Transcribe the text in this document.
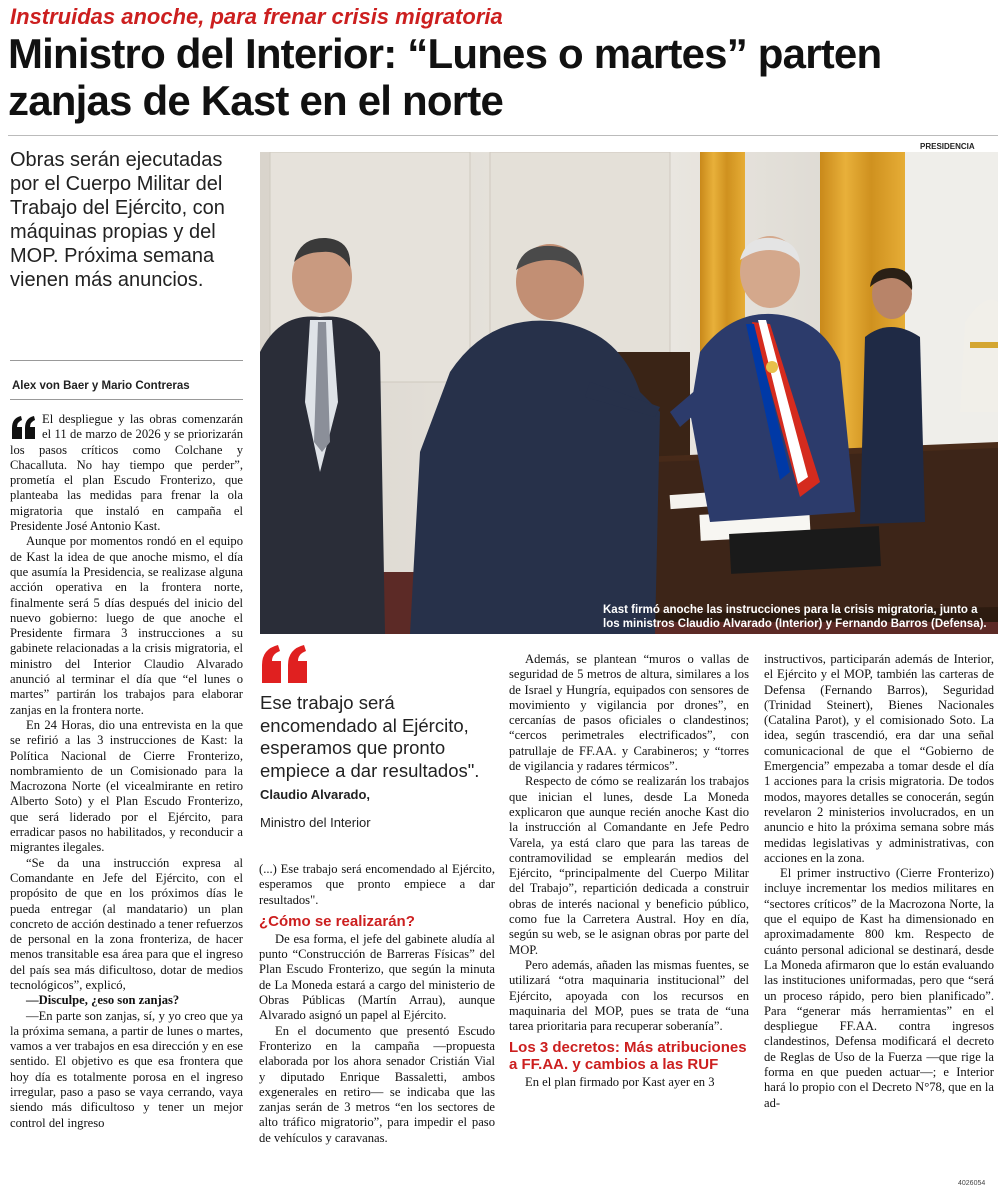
Instruidas anoche, para frenar crisis migratoria
Ministro del Interior: “Lunes o martes” parten zanjas de Kast en el norte
Obras serán ejecutadas por el Cuerpo Militar del Trabajo del Ejército, con máquinas propias y del MOP. Próxima semana vienen más anuncios.
Alex von Baer y Mario Contreras

El despliegue y las obras comenzarán el 11 de marzo de 2026 y se priorizarán los pasos críticos como Colchane y Chacalluta. No hay tiempo que perder”, prometía el plan Escudo Fronterizo, que planteaba las medidas para frenar la ola migratoria que instaló en campaña el Presidente José Antonio Kast.

Aunque por momentos rondó en el equipo de Kast la idea de que anoche mismo, el día que asumía la Presidencia, se realizase alguna acción operativa en la frontera norte, finalmente será 5 días después del inicio del nuevo gobierno: luego de que anoche el Presidente firmara 3 instrucciones a su gabinete relacionadas a la crisis migratoria, el ministro del Interior Claudio Alvarado anunció al terminar el día que “el lunes o martes” partirán los trabajos para elaborar zanjas en la frontera norte.

En 24 Horas, dio una entrevista en la que se refirió a las 3 instrucciones de Kast: la Política Nacional de Cierre Fronterizo, nombramiento de un Comisionado para la Macrozona Norte (el vicealmirante en retiro Alberto Soto) y el Plan Escudo Fronterizo, que será liderado por el Ejército, para erradicar pasos no habilitados, y reconducir a migrantes ilegales.

“Se da una instrucción expresa al Comandante en Jefe del Ejército, con el propósito de que en los próximos días le pueda entregar (al mandatario) un plan concreto de acción destinado a tener refuerzos de personal en la zona fronteriza, de hacer menos transitable esa área para que el ingreso del país sea más dificultoso, dotar de medios tecnológicos”, explicó,

—Disculpe, ¿eso son zanjas?

—En parte son zanjas, sí, y yo creo que ya la próxima semana, a partir de lunes o martes, vamos a ver trabajos en esa dirección y en ese sentido. El objetivo es que esa frontera que hoy día es totalmente porosa en el ingreso irregular, paso a paso se vaya cerrando, vaya siendo más dificultoso y tener un mejor control del ingreso

PRESIDENCIA
Kast firmó anoche las instrucciones para la crisis migratoria, junto a los ministros Claudio Alvarado (Interior) y Fernando Barros (Defensa).
Ese trabajo será encomendado al Ejército, esperamos que pronto empiece a dar resultados". Claudio Alvarado,
Ministro del Interior

(...) Ese trabajo será encomendado al Ejército, esperamos que pronto empiece a dar resultados".

¿Cómo se realizarán?

De esa forma, el jefe del gabinete aludía al punto “Construcción de Barreras Físicas” del Plan Escudo Fronterizo, que según la minuta de La Moneda estará a cargo del ministerio de Obras Públicas (Martín Arrau), aunque Alvarado asignó un papel al Ejército.

En el documento que presentó Escudo Fronterizo en la campaña —propuesta elaborada por los ahora senador Cristián Vial y diputado Enrique Bassaletti, ambos exgenerales en retiro— se indicaba que las zanjas serán de 3 metros “en los sectores de alto tráfico migratorio”, para impedir el paso de vehículos y caravanas.

Además, se plantean “muros o vallas de seguridad de 5 metros de altura, similares a los de Israel y Hungría, equipados con sensores de movimiento y vigilancia por drones”, en cercanías de pasos oficiales o clandestinos; “cercos perimetrales electrificados”, con patrullaje de FF.AA. y Carabineros; y “torres de vigilancia y radares térmicos”.

Respecto de cómo se realizarán los trabajos que inician el lunes, desde La Moneda explicaron que aunque recién anoche Kast dio la instrucción al Comandante en Jefe Pedro Varela, ya está claro que para las tareas de contramovilidad se emplearán medios del Ejército, “principalmente del Cuerpo Militar del Trabajo”, repartición dedicada a construir obras de interés nacional y beneficio público, como fue la Carretera Austral. Hoy en día, según su web, se le asignan obras por parte del MOP.

Pero además, añaden las mismas fuentes, se utilizará “otra maquinaria institucional” del Ejército, apoyada con los recursos en maquinaria del MOP, pues se trata de “una tarea prioritaria para recuperar soberanía”.

Los 3 decretos: Más atribuciones a FF.AA. y cambios a las RUF

En el plan firmado por Kast ayer en 3

instructivos, participarán además de Interior, el Ejército y el MOP, también las carteras de Defensa (Fernando Barros), Seguridad (Trinidad Steinert), Bienes Nacionales (Catalina Parot), y el comisionado Soto. La idea, según trascendió, era dar una señal comunicacional de que el “Gobierno de Emergencia” empezaba a tomar desde el día 1 acciones para la crisis migratoria. De todos modos, mayores detalles se conocerán, según revelaron 2 ministerios involucrados, en un anuncio e hito la próxima semana sobre más medidas legislativas y administrativas, con acciones en la zona.

El primer instructivo (Cierre Fronterizo) incluye incrementar los medios militares en “sectores críticos” de la Macrozona Norte, la que el equipo de Kast ha dimensionado en aproximadamente 800 km. Respecto de cuánto personal adicional se destinará, desde La Moneda afirmaron que lo están evaluando las instituciones uniformadas, pero que “será un proceso rápido, pero bien planificado”. Para “generar más herramientas” en el despliegue FF.AA. contra ingresos clandestinos, Defensa modificará el decreto de Reglas de Uso de la Fuerza —que rige la forma en que pueden actuar—; e Interior hará lo propio con el Decreto N°78, que en la ad-

4026054
